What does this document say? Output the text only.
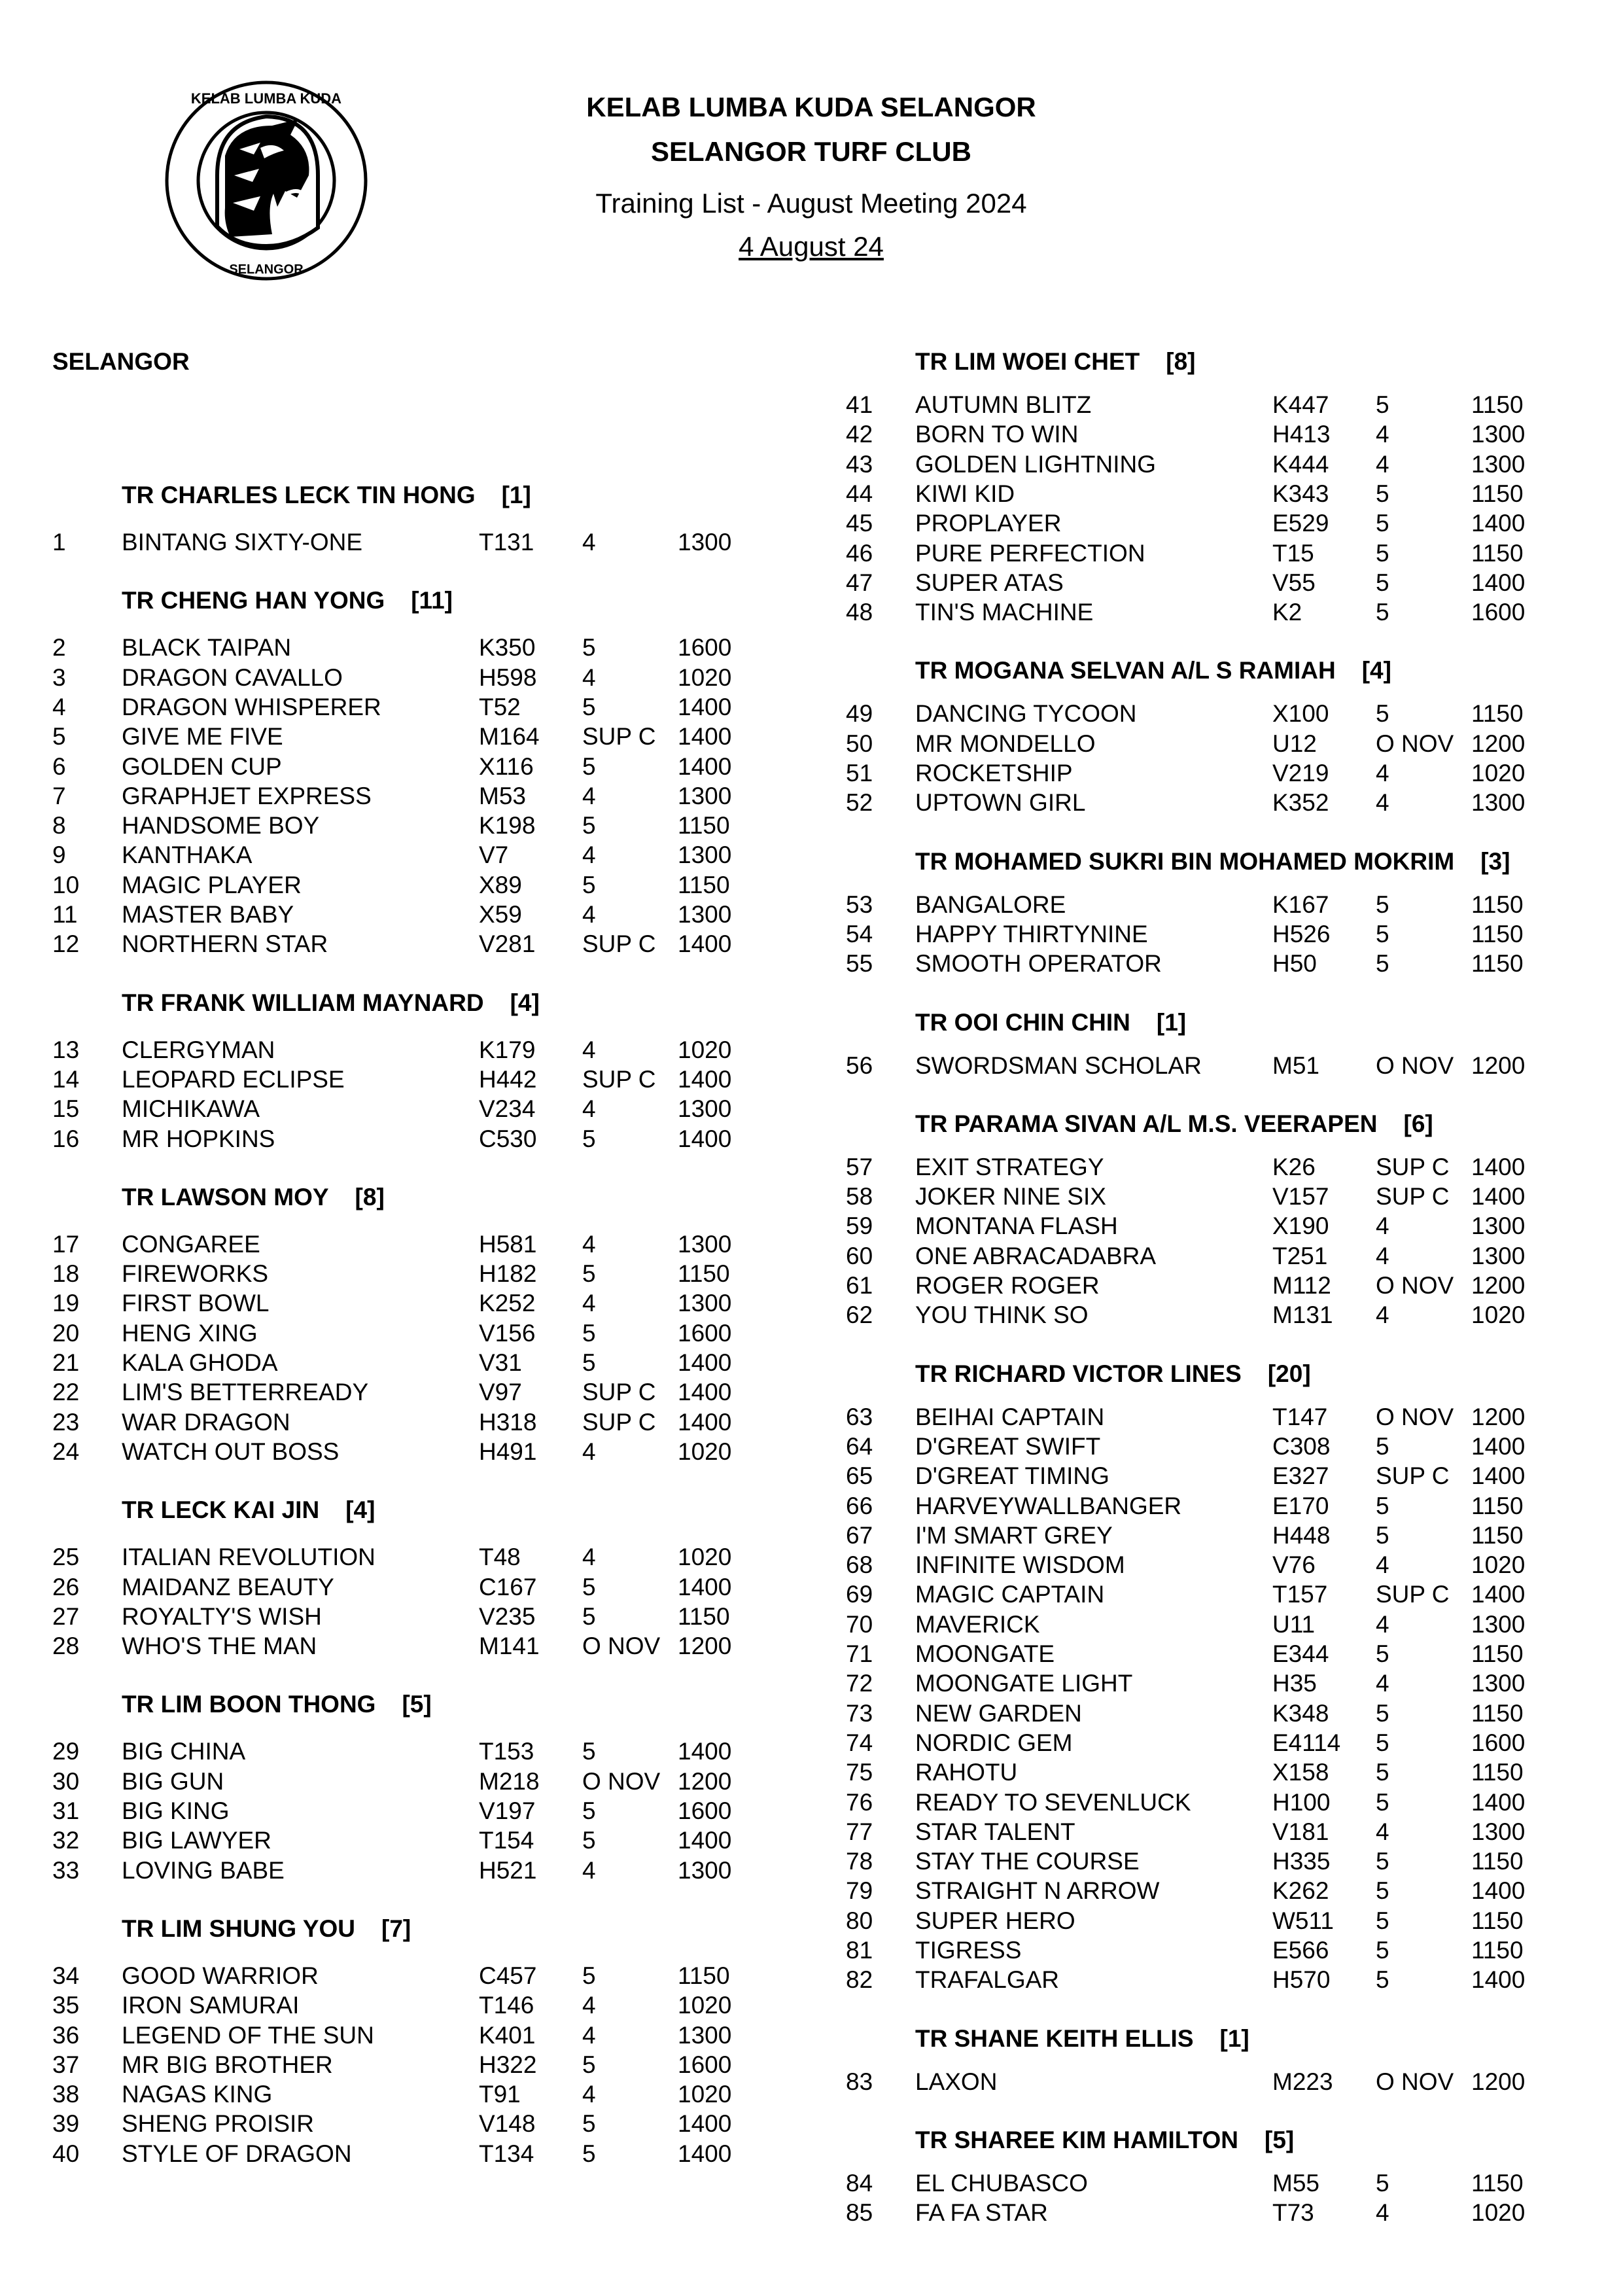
KELAB LUMBA KUDA
SELANGOR
KELAB LUMBA KUDA SELANGOR
SELANGOR TURF CLUB
Training List - August Meeting 2024
4 August 24
SELANGOR
TR CHARLES LECK TIN HONG [1]
1 BINTANG SIXTY-ONE	T131 4	1300
TR CHENG HAN YONG [11]
2 BLACK TAIPAN	K350 5	1600
3 DRAGON CAVALLO	H598 4	1020
4 DRAGON WHISPERER	T52	5	1400
5 GIVE ME FIVE	M164 SUP C 1400
6 GOLDEN CUP	X116 5	1400
7 GRAPHJET EXPRESS	M53 4	1300
8 HANDSOME BOY	K198 5	1150
9 KANTHAKA	V7	4	1300
10 MAGIC PLAYER	X89 5	1150
11 MASTER BABY	X59 4	1300
12 NORTHERN STAR	V281 SUP C 1400
TR FRANK WILLIAM MAYNARD [4]
13 CLERGYMAN	K179 4	1020
14 LEOPARD ECLIPSE	H442 SUP C 1400
15 MICHIKAWA	V234 4	1300
16 MR HOPKINS	C530 5	1400
TR LAWSON MOY [8]
17 CONGAREE	H581 4	1300
18 FIREWORKS	H182 5	1150
19 FIRST BOWL	K252 4	1300
20 HENG XING	V156 5	1600
21 KALA GHODA	V31 5	1400
22 LIM'S BETTERREADY	V97 SUP C 1400
23 WAR DRAGON	H318 SUP C 1400
24 WATCH OUT BOSS	H491 4	1020
TR LECK KAI JIN [4]
25 ITALIAN REVOLUTION	T48	4	1020
26 MAIDANZ BEAUTY	C167 5	1400
27 ROYALTY'S WISH	V235 5	1150
28 WHO'S THE MAN	M141 O NOV 1200
TR LIM BOON THONG [5]
29 BIG CHINA	T153 5	1400
30 BIG GUN	M218 O NOV 1200
31 BIG KING	V197 5	1600
32 BIG LAWYER	T154 5	1400
33 LOVING BABE	H521 4	1300
TR LIM SHUNG YOU [7]
34 GOOD WARRIOR	C457 5	1150
35 IRON SAMURAI	T146 4	1020
36 LEGEND OF THE SUN	K401 4	1300
37 MR BIG BROTHER	H322 5	1600
38 NAGAS KING	T91	4	1020
39 SHENG PROISIR	V148 5	1400
40 STYLE OF DRAGON	T134 5	1400
TR LIM WOEI CHET [8]
41 AUTUMN BLITZ	K447 5	1150
42 BORN TO WIN	H413 4	1300
43 GOLDEN LIGHTNING	K444 4	1300
44 KIWI KID	K343 5	1150
45 PROPLAYER	E529 5	1400
46 PURE PERFECTION	T15	5	1150
47 SUPER ATAS	V55 5	1400
48 TIN'S MACHINE	K2	5	1600
TR MOGANA SELVAN A/L S RAMIAH [4]
49 DANCING TYCOON	X100 5	1150
50 MR MONDELLO	U12 O NOV 1200
51 ROCKETSHIP	V219 4	1020
52 UPTOWN GIRL	K352 4	1300
TR MOHAMED SUKRI BIN MOHAMED MOKRIM [3]
53 BANGALORE	K167 5	1150
54 HAPPY THIRTYNINE	H526 5	1150
55 SMOOTH OPERATOR	H50 5	1150
TR OOI CHIN CHIN [1]
56 SWORDSMAN SCHOLAR	M51 O NOV 1200
TR PARAMA SIVAN A/L M.S. VEERAPEN [6]
57 EXIT STRATEGY	K26 SUP C 1400
58 JOKER NINE SIX	V157 SUP C 1400
59 MONTANA FLASH	X190 4	1300
60 ONE ABRACADABRA	T251 4	1300
61 ROGER ROGER	M112 O NOV 1200
62 YOU THINK SO	M131 4	1020
TR RICHARD VICTOR LINES [20]
63 BEIHAI CAPTAIN	T147 O NOV 1200
64 D'GREAT SWIFT	C308 5	1400
65 D'GREAT TIMING	E327 SUP C 1400
66 HARVEYWALLBANGER	E170 5	1150
67 I'M SMART GREY	H448 5	1150
68 INFINITE WISDOM	V76 4	1020
69 MAGIC CAPTAIN	T157 SUP C 1400
70 MAVERICK	U11	4	1300
71 MOONGATE	E344 5	1150
72 MOONGATE LIGHT	H35 4	1300
73 NEW GARDEN	K348 5	1150
74 NORDIC GEM	E4114 5	1600
75 RAHOTU	X158 5	1150
76 READY TO SEVENLUCK	H100 5	1400
77 STAR TALENT	V181 4	1300
78 STAY THE COURSE	H335 5	1150
79 STRAIGHT N ARROW	K262 5	1400
80 SUPER HERO	W511 5	1150
81 TIGRESS	E566 5	1150
82 TRAFALGAR	H570 5	1400
TR SHANE KEITH ELLIS [1]
83 LAXON	M223 O NOV 1200
TR SHAREE KIM HAMILTON [5]
84 EL CHUBASCO	M55 5	1150
85 FA FA STAR	T73	4	1020
